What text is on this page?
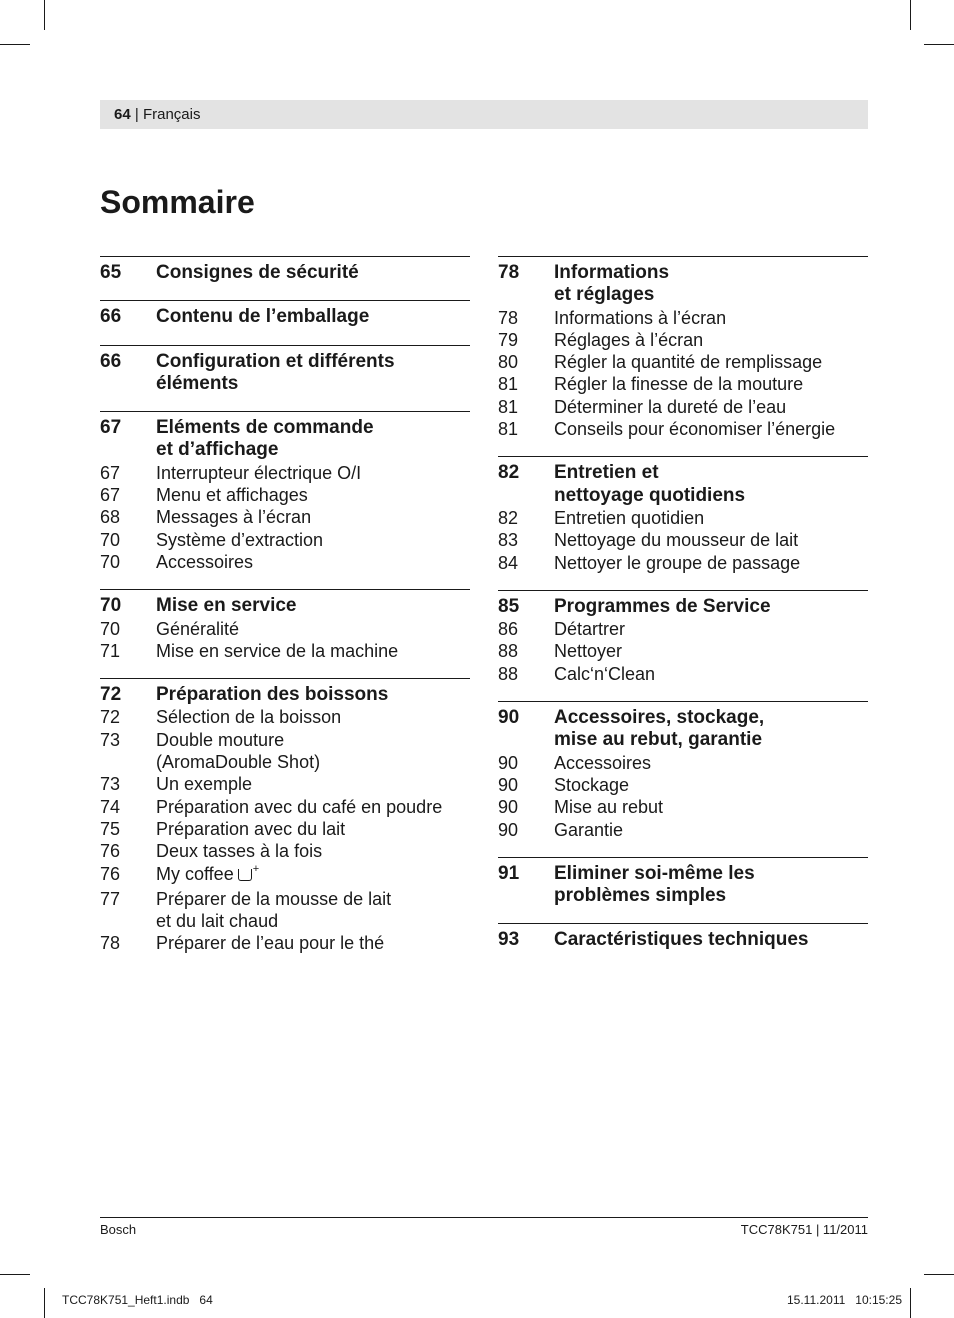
64 | Français
Sommaire
65	Consignes de sécurité
66	Contenu de l’emballage
66	Configuration et différents
éléments
67	Eléments de commande
et d’affichage
67	Interrupteur électrique O/I
67	Menu et affichages
68	Messages à l’écran
70	Système d’extraction
70	Accessoires
70	Mise en service
70	Généralité
71	Mise en service de la machine
72	Préparation des boissons
72	Sélection de la boisson
73	Double mouture
(AromaDouble Shot)
73	Un exemple
74	Préparation avec du café en poudre
75	Préparation avec du lait
76	Deux tasses à la fois
76	My coffee +
77	Préparer de la mousse de lait
et du lait chaud
78	Préparer de l’eau pour le thé
78	Informations
et réglages
78	Informations à l’écran
79	Réglages à l’écran
80	Régler la quantité de remplissage
81	Régler la finesse de la mouture
81	Déterminer la dureté de l’eau
81	Conseils pour économiser l’énergie
82	Entretien et
nettoyage quotidiens
82	Entretien quotidien
83	Nettoyage du mousseur de lait
84	Nettoyer le groupe de passage
85	Programmes de Service
86	Détartrer
88	Nettoyer
88	Calc‘n‘Clean
90	Accessoires, stockage,
mise au rebut, garantie
90	Accessoires
90	Stockage
90	Mise au rebut
90	Garantie
91	Eliminer soi-même les
problèmes simples
93	Caractéristiques techniques
Bosch	TCC78K751 | 11/2011
TCC78K751_Heft1.indb   64	15.11.2011   10:15:25
